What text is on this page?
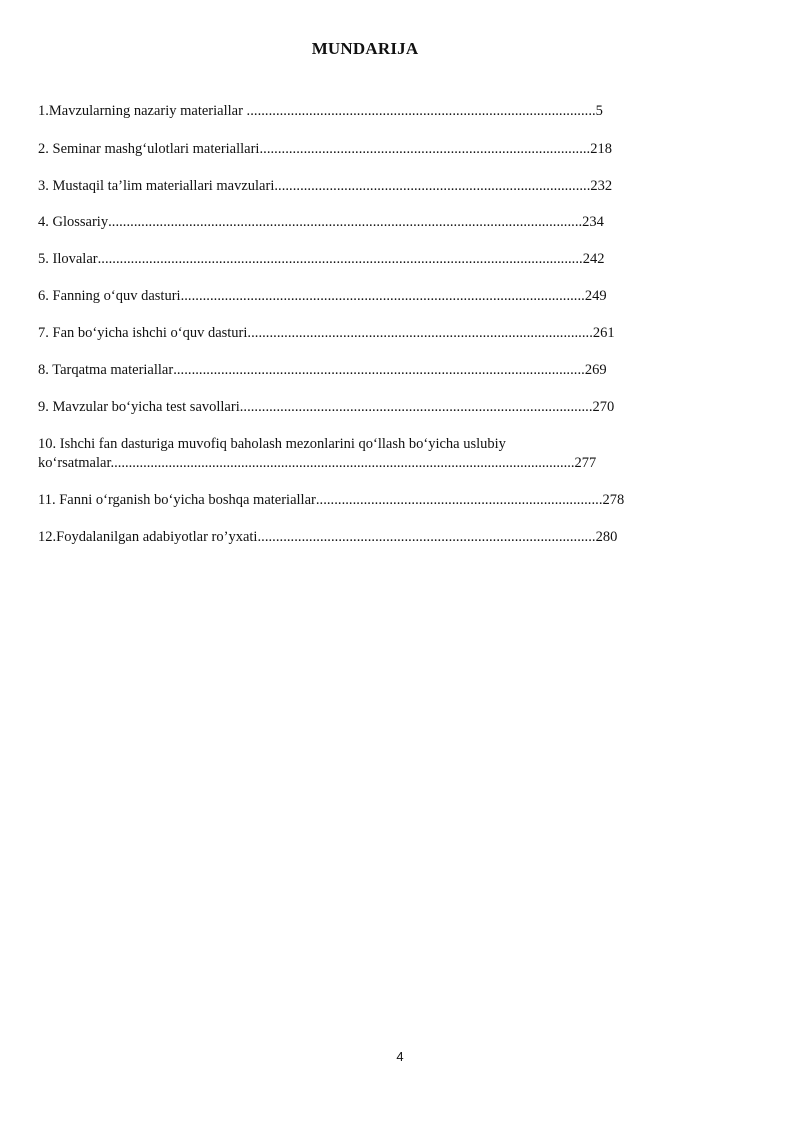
MUNDARIJA
1.Mavzularning nazariy materiallar ...............................................................................................5
2. Seminar mashg‘ulotlari materiallari..........................................................................................218
3. Mustaqil ta’lim materiallari mavzulari......................................................................................232
4. Glossariy.................................................................................................................................234
5. Ilovalar....................................................................................................................................242
6. Fanning o‘quv dasturi..............................................................................................................249
7. Fan bo‘yicha ishchi o‘quv dasturi..............................................................................................261
8. Tarqatma materiallar................................................................................................................269
9. Mavzular bo‘yicha test savollari................................................................................................270
10. Ishchi fan dasturiga muvofiq baholash mezonlarini qo‘llash bo‘yicha uslubiy
ko‘rsatmalar................................................................................................................................277
11. Fanni o‘rganish bo‘yicha boshqa materiallar..............................................................................278
12.Foydalanilgan adabiyotlar ro’yxati............................................................................................280
4
